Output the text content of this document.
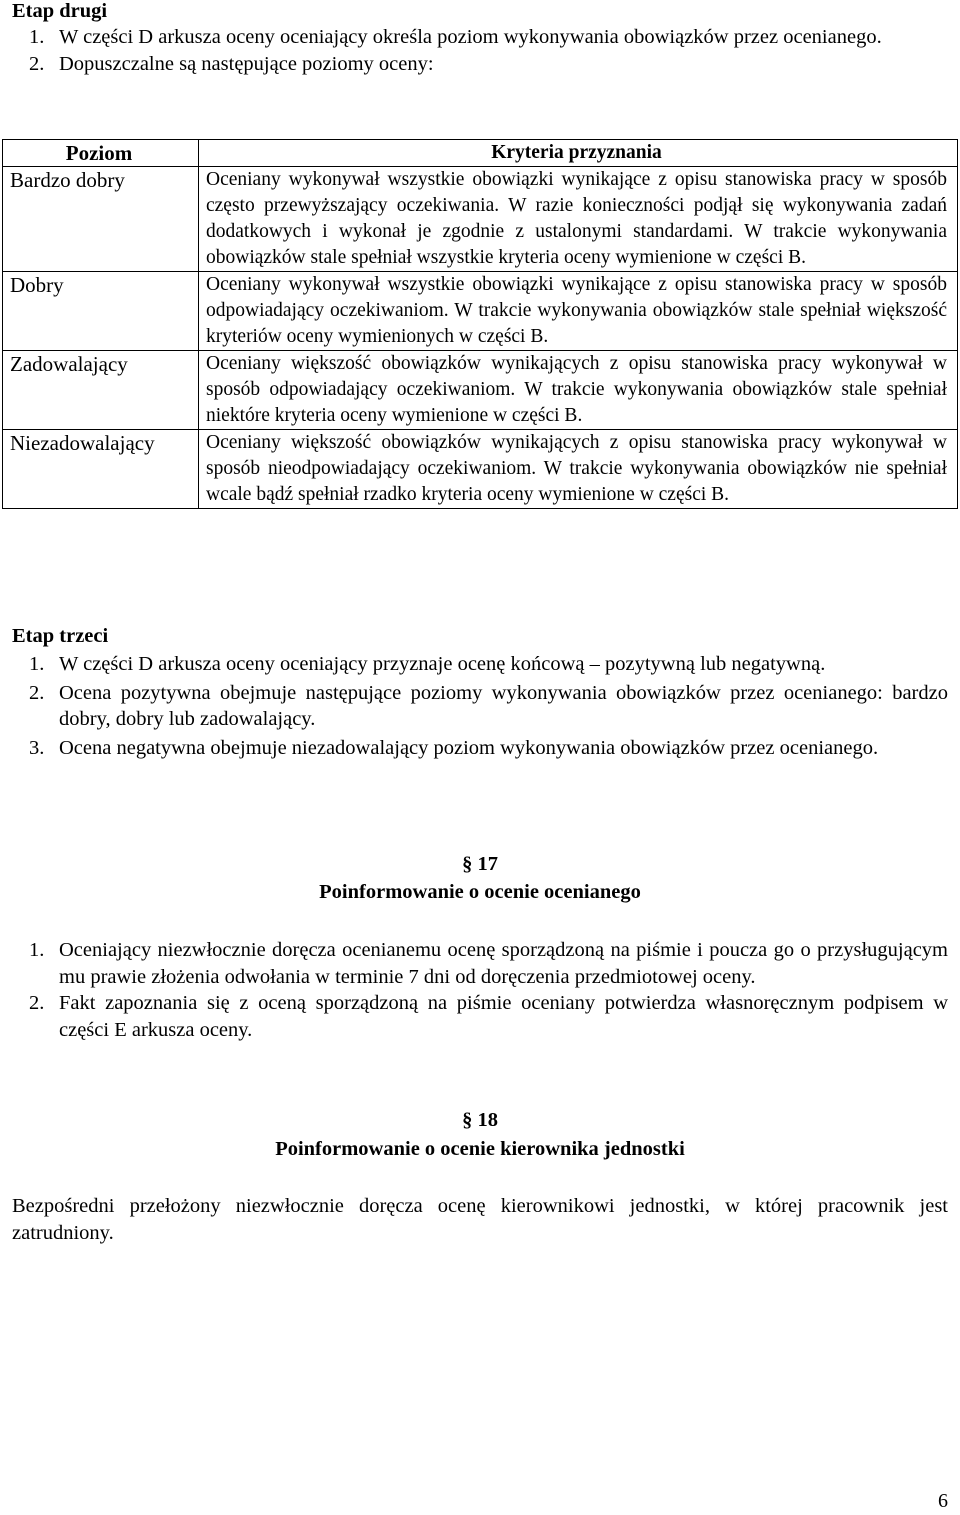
Etap drugi
1. W części D arkusza oceny oceniający określa poziom wykonywania obowiązków przez ocenianego.
2. Dopuszczalne są następujące poziomy oceny:
Poziom	Kryteria przyznania
Bardzo dobry	Oceniany wykonywał wszystkie obowiązki wynikające z opisu stanowiska pracy w sposób często przewyższający oczekiwania. W razie konieczności podjął się wykonywania zadań dodatkowych i wykonał je zgodnie z ustalonymi standardami. W trakcie wykonywania obowiązków stale spełniał wszystkie kryteria oceny wymienione w części B.
Dobry	Oceniany wykonywał wszystkie obowiązki wynikające z opisu stanowiska pracy w sposób odpowiadający oczekiwaniom. W trakcie wykonywania obowiązków stale spełniał większość kryteriów oceny wymienionych w części B.
Zadowalający	Oceniany większość obowiązków wynikających z opisu stanowiska pracy wykonywał w sposób odpowiadający oczekiwaniom. W trakcie wykonywania obowiązków stale spełniał niektóre kryteria oceny wymienione w części B.
Niezadowalający	Oceniany większość obowiązków wynikających z opisu stanowiska pracy wykonywał w sposób nieodpowiadający oczekiwaniom. W trakcie wykonywania obowiązków nie spełniał wcale bądź spełniał rzadko kryteria oceny wymienione w części B.
Etap trzeci
1. W części D arkusza oceny oceniający przyznaje ocenę końcową – pozytywną lub negatywną.
2. Ocena pozytywna obejmuje następujące poziomy wykonywania obowiązków przez ocenianego: bardzo dobry, dobry lub zadowalający.
3. Ocena negatywna obejmuje niezadowalający poziom wykonywania obowiązków przez ocenianego.
§ 17
Poinformowanie o ocenie ocenianego
1. Oceniający niezwłocznie doręcza ocenianemu ocenę sporządzoną na piśmie i poucza go o przysługującym mu prawie złożenia odwołania w terminie 7 dni od doręczenia przedmiotowej oceny.
2. Fakt zapoznania się z oceną sporządzoną na piśmie oceniany potwierdza własnoręcznym podpisem w części E arkusza oceny.
§ 18
Poinformowanie o ocenie kierownika jednostki
Bezpośredni przełożony niezwłocznie doręcza ocenę kierownikowi jednostki, w której pracownik jest zatrudniony.
6
